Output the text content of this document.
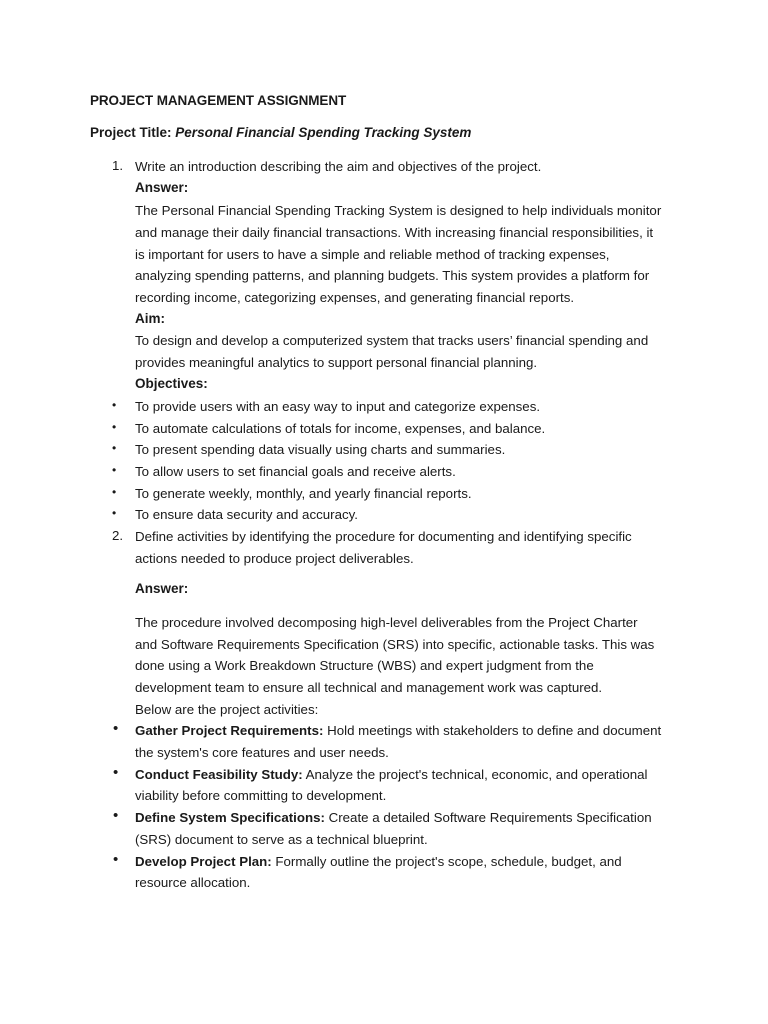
PROJECT MANAGEMENT ASSIGNMENT
Project Title: Personal Financial Spending Tracking System
1. Write an introduction describing the aim and objectives of the project.
Answer:
The Personal Financial Spending Tracking System is designed to help individuals monitor
and manage their daily financial transactions. With increasing financial responsibilities, it
is important for users to have a simple and reliable method of tracking expenses,
analyzing spending patterns, and planning budgets. This system provides a platform for
recording income, categorizing expenses, and generating financial reports.
Aim:
To design and develop a computerized system that tracks users’ financial spending and
provides meaningful analytics to support personal financial planning.
Objectives:
• To provide users with an easy way to input and categorize expenses.
• To automate calculations of totals for income, expenses, and balance.
• To present spending data visually using charts and summaries.
• To allow users to set financial goals and receive alerts.
• To generate weekly, monthly, and yearly financial reports.
• To ensure data security and accuracy.
2. Define activities by identifying the procedure for documenting and identifying specific
actions needed to produce project deliverables.
Answer:
The procedure involved decomposing high-level deliverables from the Project Charter
and Software Requirements Specification (SRS) into specific, actionable tasks. This was
done using a Work Breakdown Structure (WBS) and expert judgment from the
development team to ensure all technical and management work was captured.
Below are the project activities:
• Gather Project Requirements: Hold meetings with stakeholders to define and document
the system's core features and user needs.
• Conduct Feasibility Study: Analyze the project's technical, economic, and operational
viability before committing to development.
• Define System Specifications: Create a detailed Software Requirements Specification
(SRS) document to serve as a technical blueprint.
• Develop Project Plan: Formally outline the project's scope, schedule, budget, and
resource allocation.
